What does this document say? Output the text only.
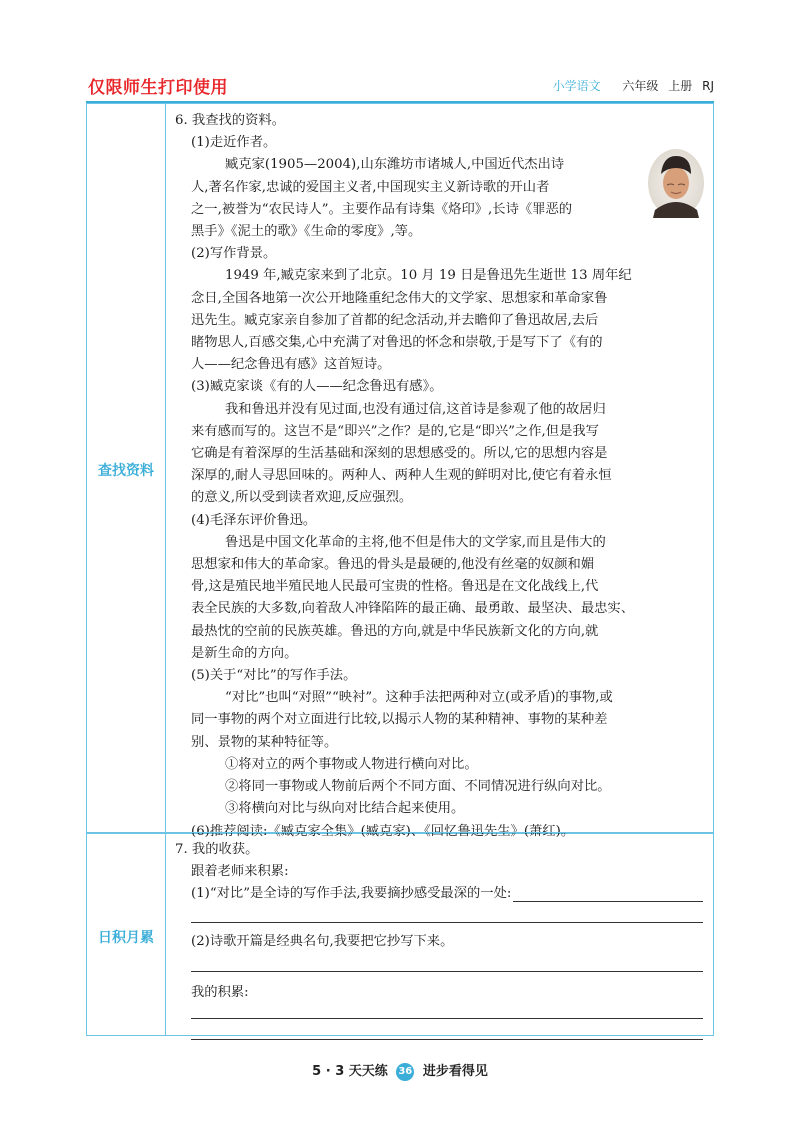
仅限师生打印使用	小学语文 六年级 上册 RJ
查找资料
6. 我查找的资料。
(1)走近作者。
臧克家(1905—2004),山东潍坊市诸城人,中国近代杰出诗
人,著名作家,忠诚的爱国主义者,中国现实主义新诗歌的开山者
之一,被誉为“农民诗人”。主要作品有诗集《烙印》,长诗《罪恶的
黑手》《泥土的歌》《生命的零度》,等。
(2)写作背景。
1949 年,臧克家来到了北京。10 月 19 日是鲁迅先生逝世 13 周年纪
念日,全国各地第一次公开地隆重纪念伟大的文学家、思想家和革命家鲁
迅先生。臧克家亲自参加了首都的纪念活动,并去瞻仰了鲁迅故居,去后
睹物思人,百感交集,心中充满了对鲁迅的怀念和崇敬,于是写下了《有的
人——纪念鲁迅有感》这首短诗。
(3)臧克家谈《有的人——纪念鲁迅有感》。
我和鲁迅并没有见过面,也没有通过信,这首诗是参观了他的故居归
来有感而写的。这岂不是“即兴”之作？是的,它是“即兴”之作,但是我写
它确是有着深厚的生活基础和深刻的思想感受的。所以,它的思想内容是
深厚的,耐人寻思回味的。两种人、两种人生观的鲜明对比,使它有着永恒
的意义,所以受到读者欢迎,反应强烈。
(4)毛泽东评价鲁迅。
鲁迅是中国文化革命的主将,他不但是伟大的文学家,而且是伟大的
思想家和伟大的革命家。鲁迅的骨头是最硬的,他没有丝毫的奴颜和媚
骨,这是殖民地半殖民地人民最可宝贵的性格。鲁迅是在文化战线上,代
表全民族的大多数,向着敌人冲锋陷阵的最正确、最勇敢、最坚决、最忠实、
最热忱的空前的民族英雄。鲁迅的方向,就是中华民族新文化的方向,就
是新生命的方向。
(5)关于“对比”的写作手法。
“对比”也叫“对照”“映衬”。这种手法把两种对立(或矛盾)的事物,或
同一事物的两个对立面进行比较,以揭示人物的某种精神、事物的某种差
别、景物的某种特征等。
①将对立的两个事物或人物进行横向对比。
②将同一事物或人物前后两个不同方面、不同情况进行纵向对比。
③将横向对比与纵向对比结合起来使用。
(6)推荐阅读:《臧克家全集》(臧克家)、《回忆鲁迅先生》(萧红)。
日积月累
7. 我的收获。
跟着老师来积累:
(1)“对比”是全诗的写作手法,我要摘抄感受最深的一处:
(2)诗歌开篇是经典名句,我要把它抄写下来。
我的积累:
5 · 3 天天练 36 进步看得见
